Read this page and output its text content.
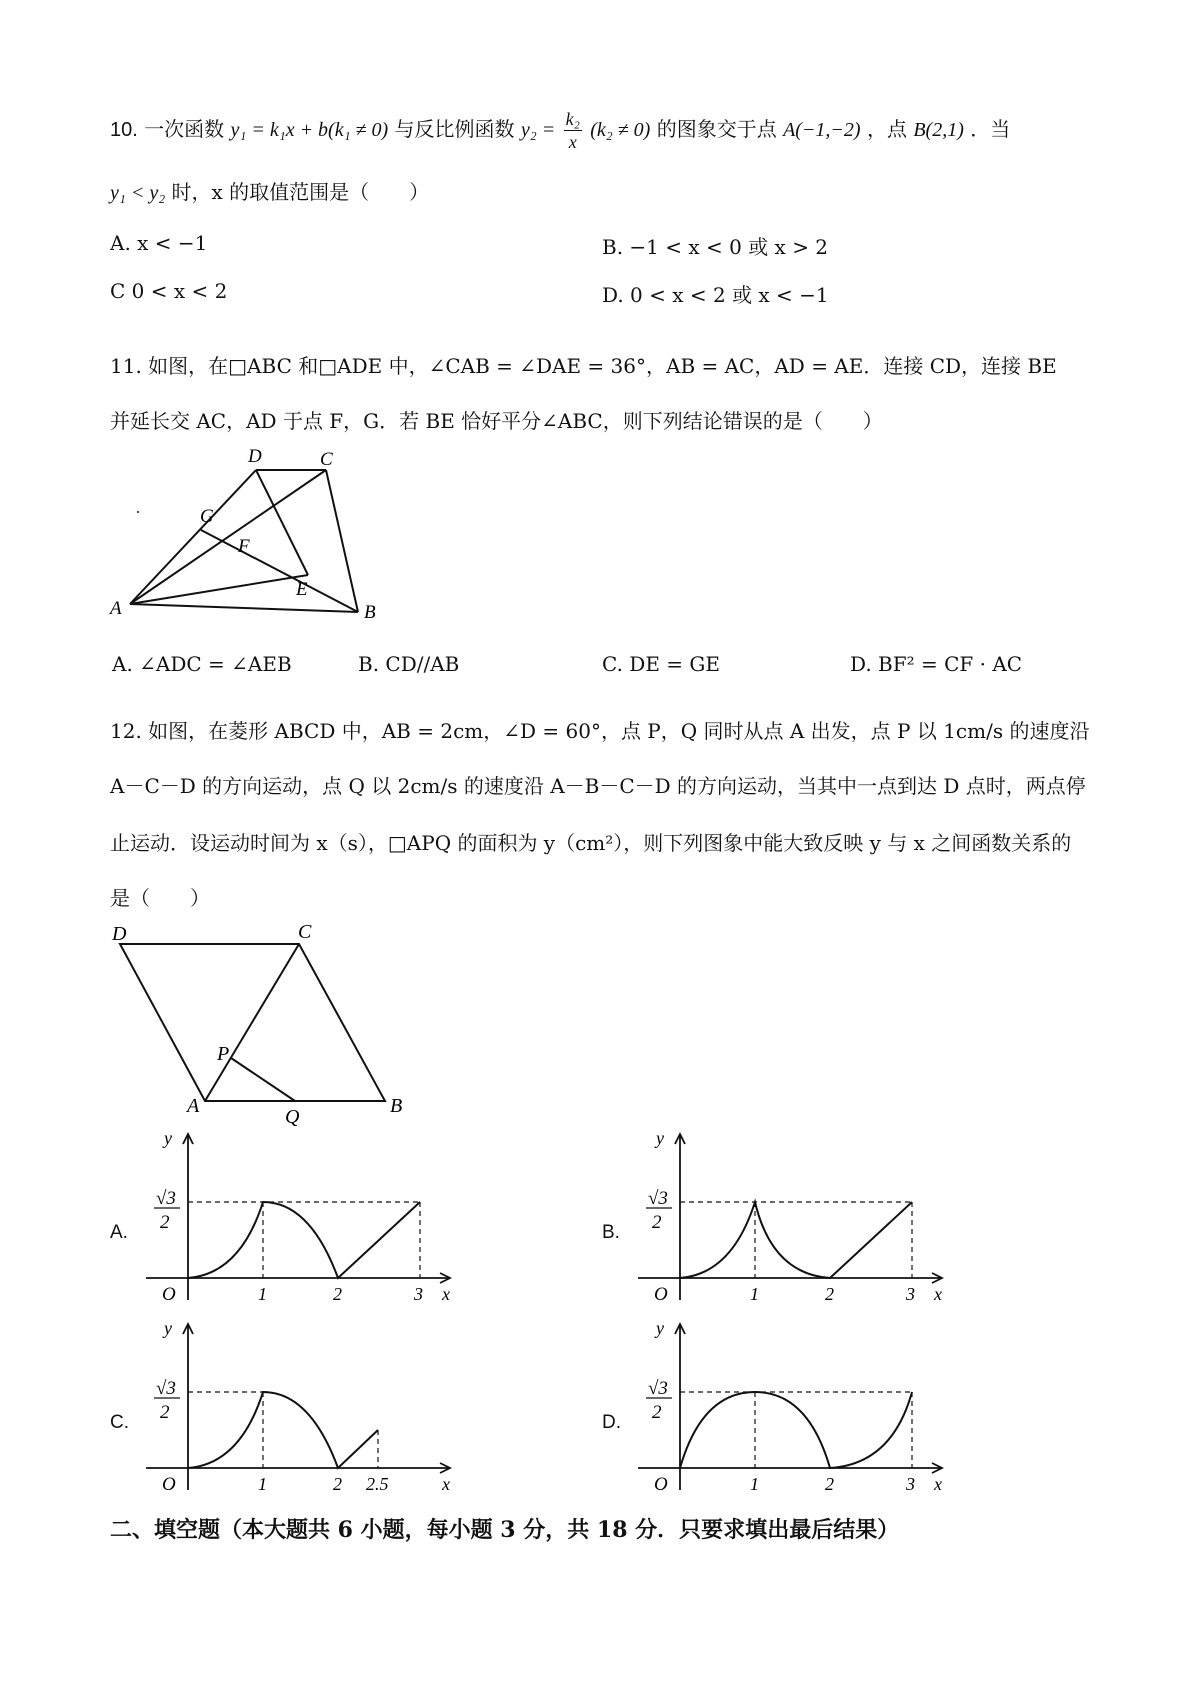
10. 一次函数 y₁ = k₁x + b(k₁ ≠ 0) 与反比例函数 $y_2 = \frac{\text{k₂}}{x} (k_2 \ne 0)$ 的图象交于点 A(−1,−2) ，点 B(2,1) ．当
y₁ < y₂ 时，x 的取值范围是（　　）
A. x < −1	B. −1 < x < 0 或 x > 2
C 0 < x < 2	D. 0 < x < 2 或 x < −1
11. 如图，在□ABC 和□ADE 中，∠CAB = ∠DAE = 36°，AB = AC，AD = AE．连接 CD，连接 BE
并延长交 AC，AD 于点 F，G．若 BE 恰好平分∠ABC，则下列结论错误的是（　　）
D	C
G
F
E
A	B
A. ∠ADC = ∠AEB	B. CD//AB	C. DE = GE	D. BF² = CF · AC
12. 如图，在菱形 ABCD 中，AB = 2cm，∠D = 60°，点 P，Q 同时从点 A 出发，点 P 以 1cm/s 的速度沿
A－C－D 的方向运动，点 Q 以 2cm/s 的速度沿 A－B－C－D 的方向运动，当其中一点到达 D 点时，两点停
止运动．设运动时间为 x（s），□APQ 的面积为 y（cm²），则下列图象中能大致反映 y 与 x 之间函数关系的
是（　　）
D	C
P
A	Q	B
A.
√3
2
O	1	2	3 x
y
B.
√3
2
O	1	2	3 x
y
C.
√3
2
O	1	2 2.5	x
y
D.
√3
2
O	1	2	3 x
y
二、填空题（本大题共 6 小题，每小题 3 分，共 18 分．只要求填出最后结果）
